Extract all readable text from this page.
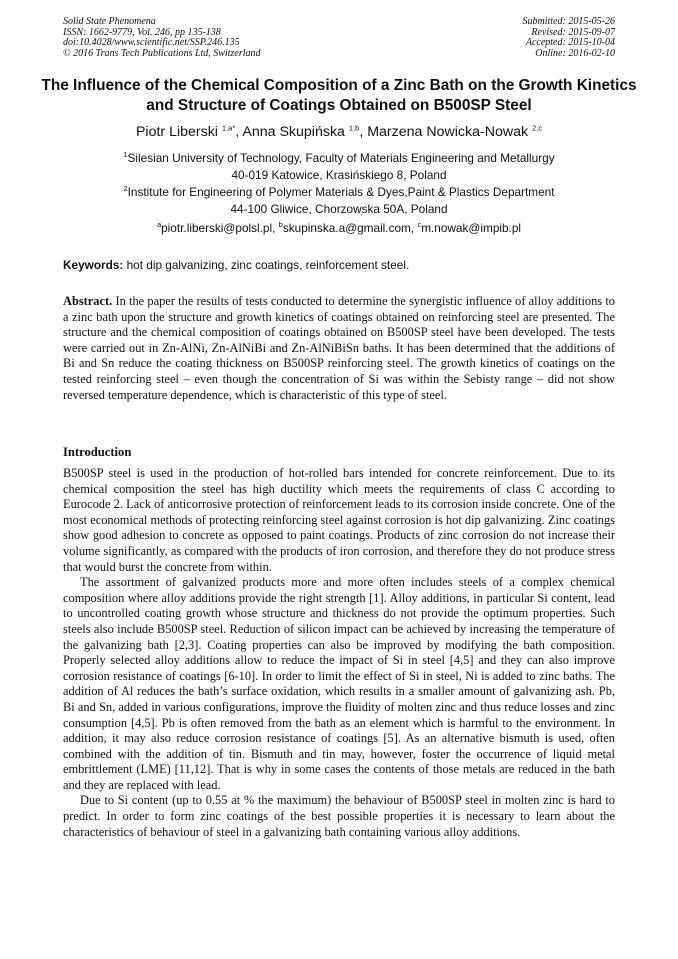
Solid State Phenomena
ISSN: 1662-9779, Vol. 246, pp 135-138
doi:10.4028/www.scientific.net/SSP.246.135
© 2016 Trans Tech Publications Ltd, Switzerland
Submitted: 2015-05-26
Revised: 2015-09-07
Accepted: 2015-10-04
Online: 2016-02-10
The Influence of the Chemical Composition of a Zinc Bath on the Growth Kinetics and Structure of Coatings Obtained on B500SP Steel
Piotr Liberski $^{1,a*}$, Anna Skupińska $^{1,b}$, Marzena Nowicka-Nowak $^{2,c}$
$^1$Silesian University of Technology, Faculty of Materials Engineering and Metallurgy
40-019 Katowice, Krasińskiego 8, Poland
$^2$Institute for Engineering of Polymer Materials & Dyes,Paint & Plastics Department
44-100 Gliwice, Chorzowska 50A, Poland
$^a$piotr.liberski@polsl.pl, $^b$skupinska.a@gmail.com, $^c$m.nowak@impib.pl
Keywords: hot dip galvanizing, zinc coatings, reinforcement steel.
Abstract. In the paper the results of tests conducted to determine the synergistic influence of alloy additions to a zinc bath upon the structure and growth kinetics of coatings obtained on reinforcing steel are presented. The structure and the chemical composition of coatings obtained on B500SP steel have been developed. The tests were carried out in Zn-AlNi, Zn-AlNiBi and Zn-AlNiBiSn baths. It has been determined that the additions of Bi and Sn reduce the coating thickness on B500SP reinforcing steel. The growth kinetics of coatings on the tested reinforcing steel – even though the concentration of Si was within the Sebisty range – did not show reversed temperature dependence, which is characteristic of this type of steel.
Introduction

B500SP steel is used in the production of hot-rolled bars intended for concrete reinforcement. Due to its chemical composition the steel has high ductility which meets the requirements of class C according to Eurocode 2. Lack of anticorrosive protection of reinforcement leads to its corrosion inside concrete. One of the most economical methods of protecting reinforcing steel against corrosion is hot dip galvanizing. Zinc coatings show good adhesion to concrete as opposed to paint coatings. Products of zinc corrosion do not increase their volume significantly, as compared with the products of iron corrosion, and therefore they do not produce stress that would burst the concrete from within.

The assortment of galvanized products more and more often includes steels of a complex chemical composition where alloy additions provide the right strength [1]. Alloy additions, in particular Si content, lead to uncontrolled coating growth whose structure and thickness do not provide the optimum properties. Such steels also include B500SP steel. Reduction of silicon impact can be achieved by increasing the temperature of the galvanizing bath [2,3]. Coating properties can also be improved by modifying the bath composition. Properly selected alloy additions allow to reduce the impact of Si in steel [4,5] and they can also improve corrosion resistance of coatings [6-10]. In order to limit the effect of Si in steel, Ni is added to zinc baths. The addition of Al reduces the bath’s surface oxidation, which results in a smaller amount of galvanizing ash. Pb, Bi and Sn, added in various configurations, improve the fluidity of molten zinc and thus reduce losses and zinc consumption [4,5]. Pb is often removed from the bath as an element which is harmful to the environment. In addition, it may also reduce corrosion resistance of coatings [5]. As an alternative bismuth is used, often combined with the addition of tin. Bismuth and tin may, however, foster the occurrence of liquid metal embrittlement (LME) [11,12]. That is why in some cases the contents of those metals are reduced in the bath and they are replaced with lead.

Due to Si content (up to 0.55 at % the maximum) the behaviour of B500SP steel in molten zinc is hard to predict. In order to form zinc coatings of the best possible properties it is necessary to learn about the characteristics of behaviour of steel in a galvanizing bath containing various alloy additions.
